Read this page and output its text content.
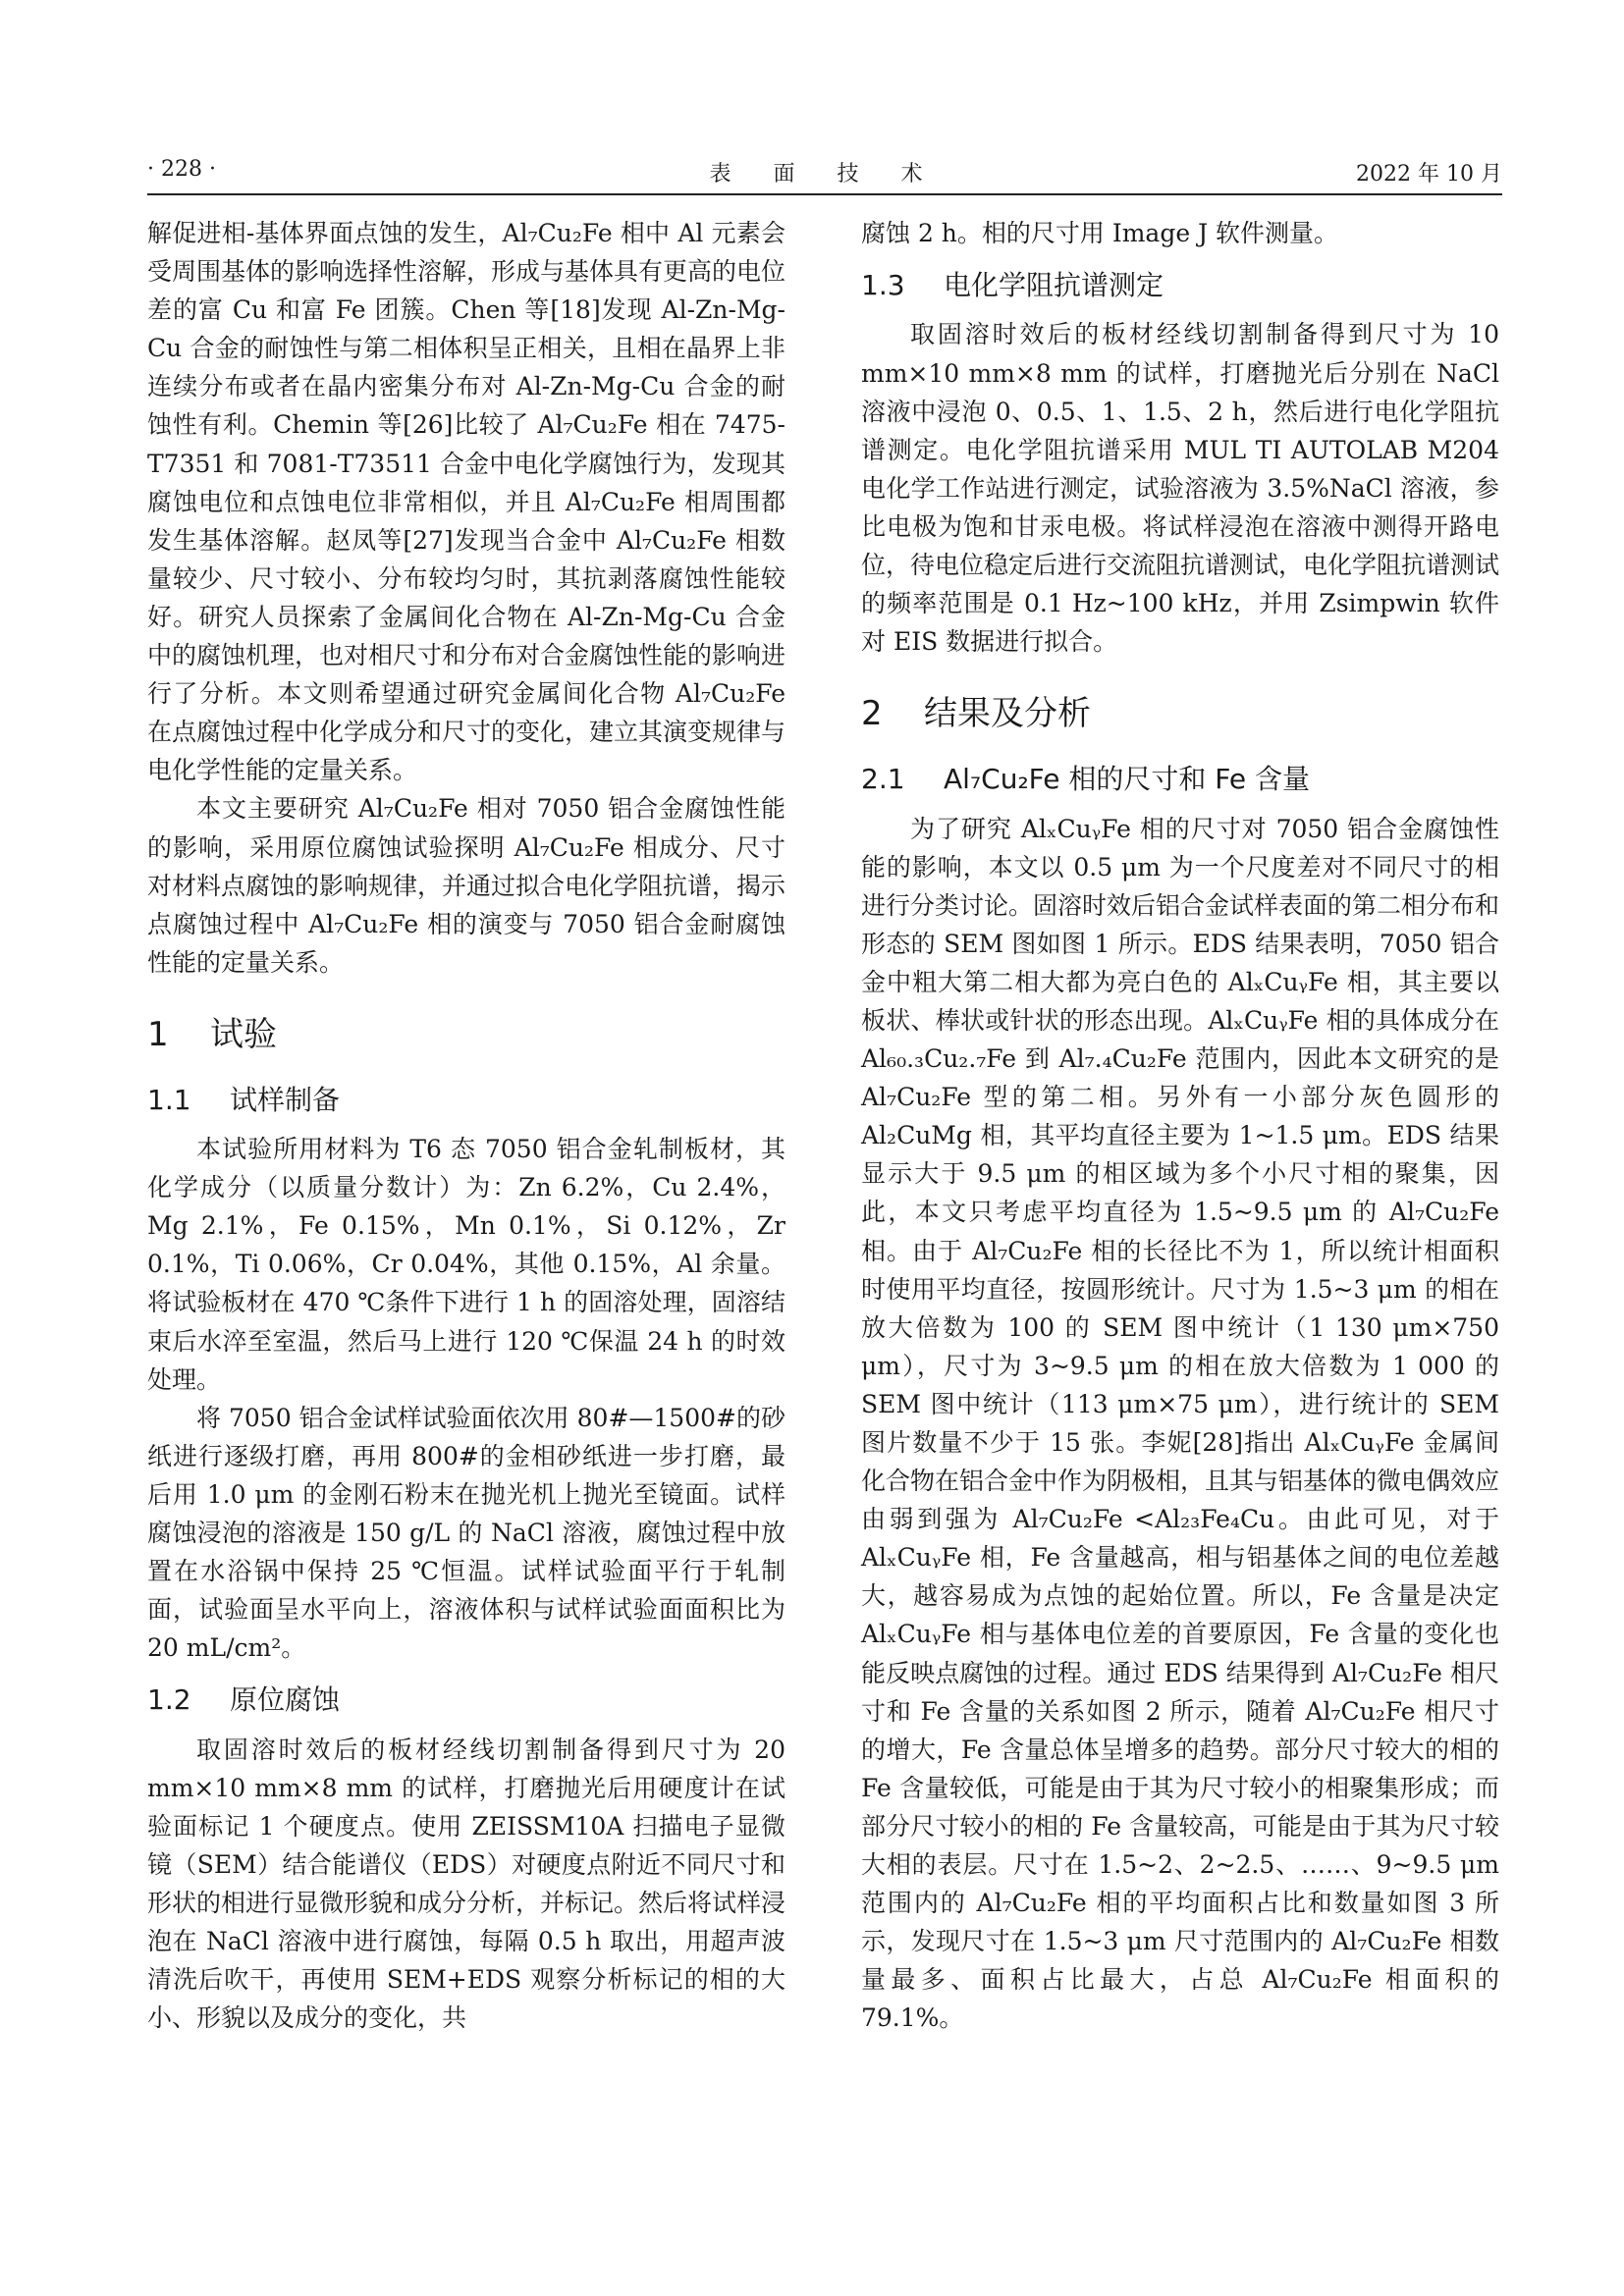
· 228 ·	表 面 技 术	2022 年 10 月

解促进相-基体界面点蚀的发生，Al₇Cu₂Fe 相中 Al 元素会受周围基体的影响选择性溶解，形成与基体具有更高的电位差的富 Cu 和富 Fe 团簇。Chen 等[18]发现 Al-Zn-Mg-Cu 合金的耐蚀性与第二相体积呈正相关，且相在晶界上非连续分布或者在晶内密集分布对 Al-Zn-Mg-Cu 合金的耐蚀性有利。Chemin 等[26]比较了 Al₇Cu₂Fe 相在 7475-T7351 和 7081-T73511 合金中电化学腐蚀行为，发现其腐蚀电位和点蚀电位非常相似，并且 Al₇Cu₂Fe 相周围都发生基体溶解。赵凤等[27]发现当合金中 Al₇Cu₂Fe 相数量较少、尺寸较小、分布较均匀时，其抗剥落腐蚀性能较好。研究人员探索了金属间化合物在 Al-Zn-Mg-Cu 合金中的腐蚀机理，也对相尺寸和分布对合金腐蚀性能的影响进行了分析。本文则希望通过研究金属间化合物 Al₇Cu₂Fe 在点腐蚀过程中化学成分和尺寸的变化，建立其演变规律与电化学性能的定量关系。

本文主要研究 Al₇Cu₂Fe 相对 7050 铝合金腐蚀性能的影响，采用原位腐蚀试验探明 Al₇Cu₂Fe 相成分、尺寸对材料点腐蚀的影响规律，并通过拟合电化学阻抗谱，揭示点腐蚀过程中 Al₇Cu₂Fe 相的演变与 7050 铝合金耐腐蚀性能的定量关系。

1 试验
1.1 试样制备

本试验所用材料为 T6 态 7050 铝合金轧制板材，其化学成分（以质量分数计）为：Zn 6.2%，Cu 2.4%，Mg 2.1%，Fe 0.15%，Mn 0.1%，Si 0.12%，Zr 0.1%，Ti 0.06%，Cr 0.04%，其他 0.15%，Al 余量。将试验板材在 470 ℃条件下进行 1 h 的固溶处理，固溶结束后水淬至室温，然后马上进行 120 ℃保温 24 h 的时效处理。

将 7050 铝合金试样试验面依次用 80#—1500#的砂纸进行逐级打磨，再用 800#的金相砂纸进一步打磨，最后用 1.0 μm 的金刚石粉末在抛光机上抛光至镜面。试样腐蚀浸泡的溶液是 150 g/L 的 NaCl 溶液，腐蚀过程中放置在水浴锅中保持 25 ℃恒温。试样试验面平行于轧制面，试验面呈水平向上，溶液体积与试样试验面面积比为 20 mL/cm²。

1.2 原位腐蚀

取固溶时效后的板材经线切割制备得到尺寸为 20 mm×10 mm×8 mm 的试样，打磨抛光后用硬度计在试验面标记 1 个硬度点。使用 ZEISSM10A 扫描电子显微镜（SEM）结合能谱仪（EDS）对硬度点附近不同尺寸和形状的相进行显微形貌和成分分析，并标记。然后将试样浸泡在 NaCl 溶液中进行腐蚀，每隔 0.5 h 取出，用超声波清洗后吹干，再使用 SEM+EDS 观察分析标记的相的大小、形貌以及成分的变化，共

腐蚀 2 h。相的尺寸用 Image J 软件测量。

1.3 电化学阻抗谱测定

取固溶时效后的板材经线切割制备得到尺寸为 10 mm×10 mm×8 mm 的试样，打磨抛光后分别在 NaCl 溶液中浸泡 0、0.5、1、1.5、2 h，然后进行电化学阻抗谱测定。电化学阻抗谱采用 MUL TI AUTOLAB M204 电化学工作站进行测定，试验溶液为 3.5%NaCl 溶液，参比电极为饱和甘汞电极。将试样浸泡在溶液中测得开路电位，待电位稳定后进行交流阻抗谱测试，电化学阻抗谱测试的频率范围是 0.1 Hz~100 kHz，并用 Zsimpwin 软件对 EIS 数据进行拟合。

2 结果及分析
2.1 Al₇Cu₂Fe 相的尺寸和 Fe 含量

为了研究 AlₓCuᵧFe 相的尺寸对 7050 铝合金腐蚀性能的影响，本文以 0.5 μm 为一个尺度差对不同尺寸的相进行分类讨论。固溶时效后铝合金试样表面的第二相分布和形态的 SEM 图如图 1 所示。EDS 结果表明，7050 铝合金中粗大第二相大都为亮白色的 AlₓCuᵧFe 相，其主要以板状、棒状或针状的形态出现。AlₓCuᵧFe 相的具体成分在 Al₆₀.₃Cu₂.₇Fe 到 Al₇.₄Cu₂Fe 范围内，因此本文研究的是 Al₇Cu₂Fe 型的第二相。另外有一小部分灰色圆形的 Al₂CuMg 相，其平均直径主要为 1~1.5 μm。EDS 结果显示大于 9.5 μm 的相区域为多个小尺寸相的聚集，因此，本文只考虑平均直径为 1.5~9.5 μm 的 Al₇Cu₂Fe 相。由于 Al₇Cu₂Fe 相的长径比不为 1，所以统计相面积时使用平均直径，按圆形统计。尺寸为 1.5~3 μm 的相在放大倍数为 100 的 SEM 图中统计（1 130 μm×750 μm），尺寸为 3~9.5 μm 的相在放大倍数为 1 000 的 SEM 图中统计（113 μm×75 μm），进行统计的 SEM 图片数量不少于 15 张。李妮[28]指出 AlₓCuᵧFe 金属间化合物在铝合金中作为阴极相，且其与铝基体的微电偶效应由弱到强为 Al₇Cu₂Fe <Al₂₃Fe₄Cu。由此可见，对于 AlₓCuᵧFe 相，Fe 含量越高，相与铝基体之间的电位差越大，越容易成为点蚀的起始位置。所以，Fe 含量是决定 AlₓCuᵧFe 相与基体电位差的首要原因，Fe 含量的变化也能反映点腐蚀的过程。通过 EDS 结果得到 Al₇Cu₂Fe 相尺寸和 Fe 含量的关系如图 2 所示，随着 Al₇Cu₂Fe 相尺寸的增大，Fe 含量总体呈增多的趋势。部分尺寸较大的相的 Fe 含量较低，可能是由于其为尺寸较小的相聚集形成；而部分尺寸较小的相的 Fe 含量较高，可能是由于其为尺寸较大相的表层。尺寸在 1.5~2、2~2.5、……、9~9.5 μm 范围内的 Al₇Cu₂Fe 相的平均面积占比和数量如图 3 所示，发现尺寸在 1.5~3 μm 尺寸范围内的 Al₇Cu₂Fe 相数量最多、面积占比最大，占总 Al₇Cu₂Fe 相面积的 79.1%。
